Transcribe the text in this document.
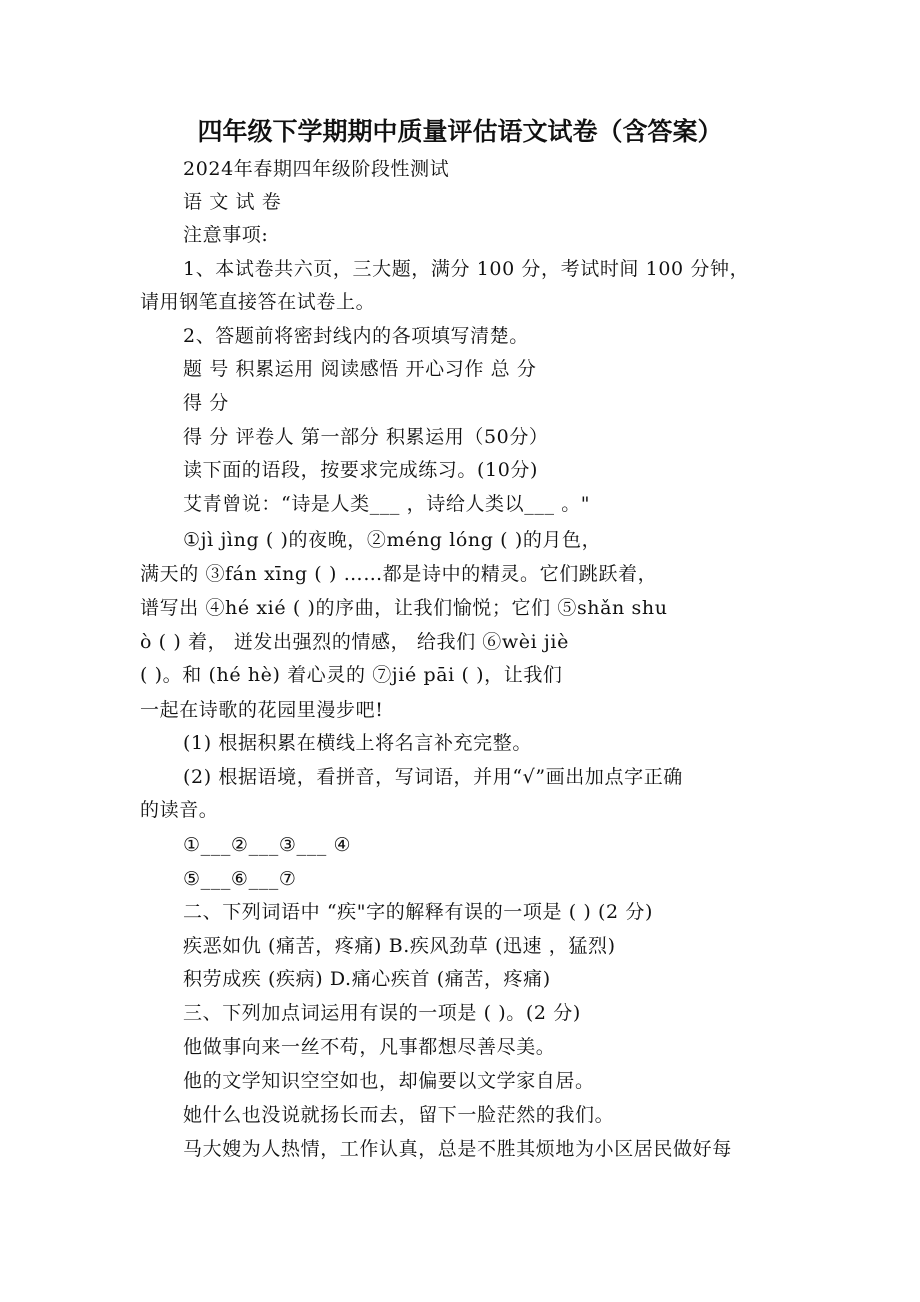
四年级下学期期中质量评估语文试卷（含答案）
2024年春期四年级阶段性测试
语 文 试 卷
注意事项:
1、本试卷共六页，三大题，满分 100 分，考试时间 100 分钟，
请用钢笔直接答在试卷上。
2、答题前将密封线内的各项填写清楚。
题 号 积累运用 阅读感悟 开心习作 总 分
得 分
得 分 评卷人 第一部分 积累运用（50分）
读下面的语段，按要求完成练习。(10分)
艾青曾说：“诗是人类___ ，诗给人类以___ 。"
①jì jìng ( )的夜晚，②méng lóng ( )的月色，
满天的 ③fán xīng ( ) ……都是诗中的精灵。它们跳跃着，
谱写出 ④hé xié ( )的序曲，让我们愉悦；它们 ⑤shǎn shu
ò ( ) 着， 迸发出强烈的情感， 给我们 ⑥wèi jiè
( )。和 (hé hè) 着心灵的 ⑦jié pāi ( )，让我们
一起在诗歌的花园里漫步吧!
(1) 根据积累在横线上将名言补充完整。
(2) 根据语境，看拼音，写词语，并用“√”画出加点字正确
的读音。
①___②___③___ ④
⑤___⑥___⑦
二、下列词语中 “疾"字的解释有误的一项是 ( ) (2 分)
疾恶如仇 (痛苦，疼痛) B.疾风劲草 (迅速 ，猛烈)
积劳成疾 (疾病) D.痛心疾首 (痛苦，疼痛)
三、下列加点词运用有误的一项是 ( )。(2 分)
他做事向来一丝不苟，凡事都想尽善尽美。
他的文学知识空空如也，却偏要以文学家自居。
她什么也没说就扬长而去，留下一脸茫然的我们。
马大嫂为人热情，工作认真，总是不胜其烦地为小区居民做好每
